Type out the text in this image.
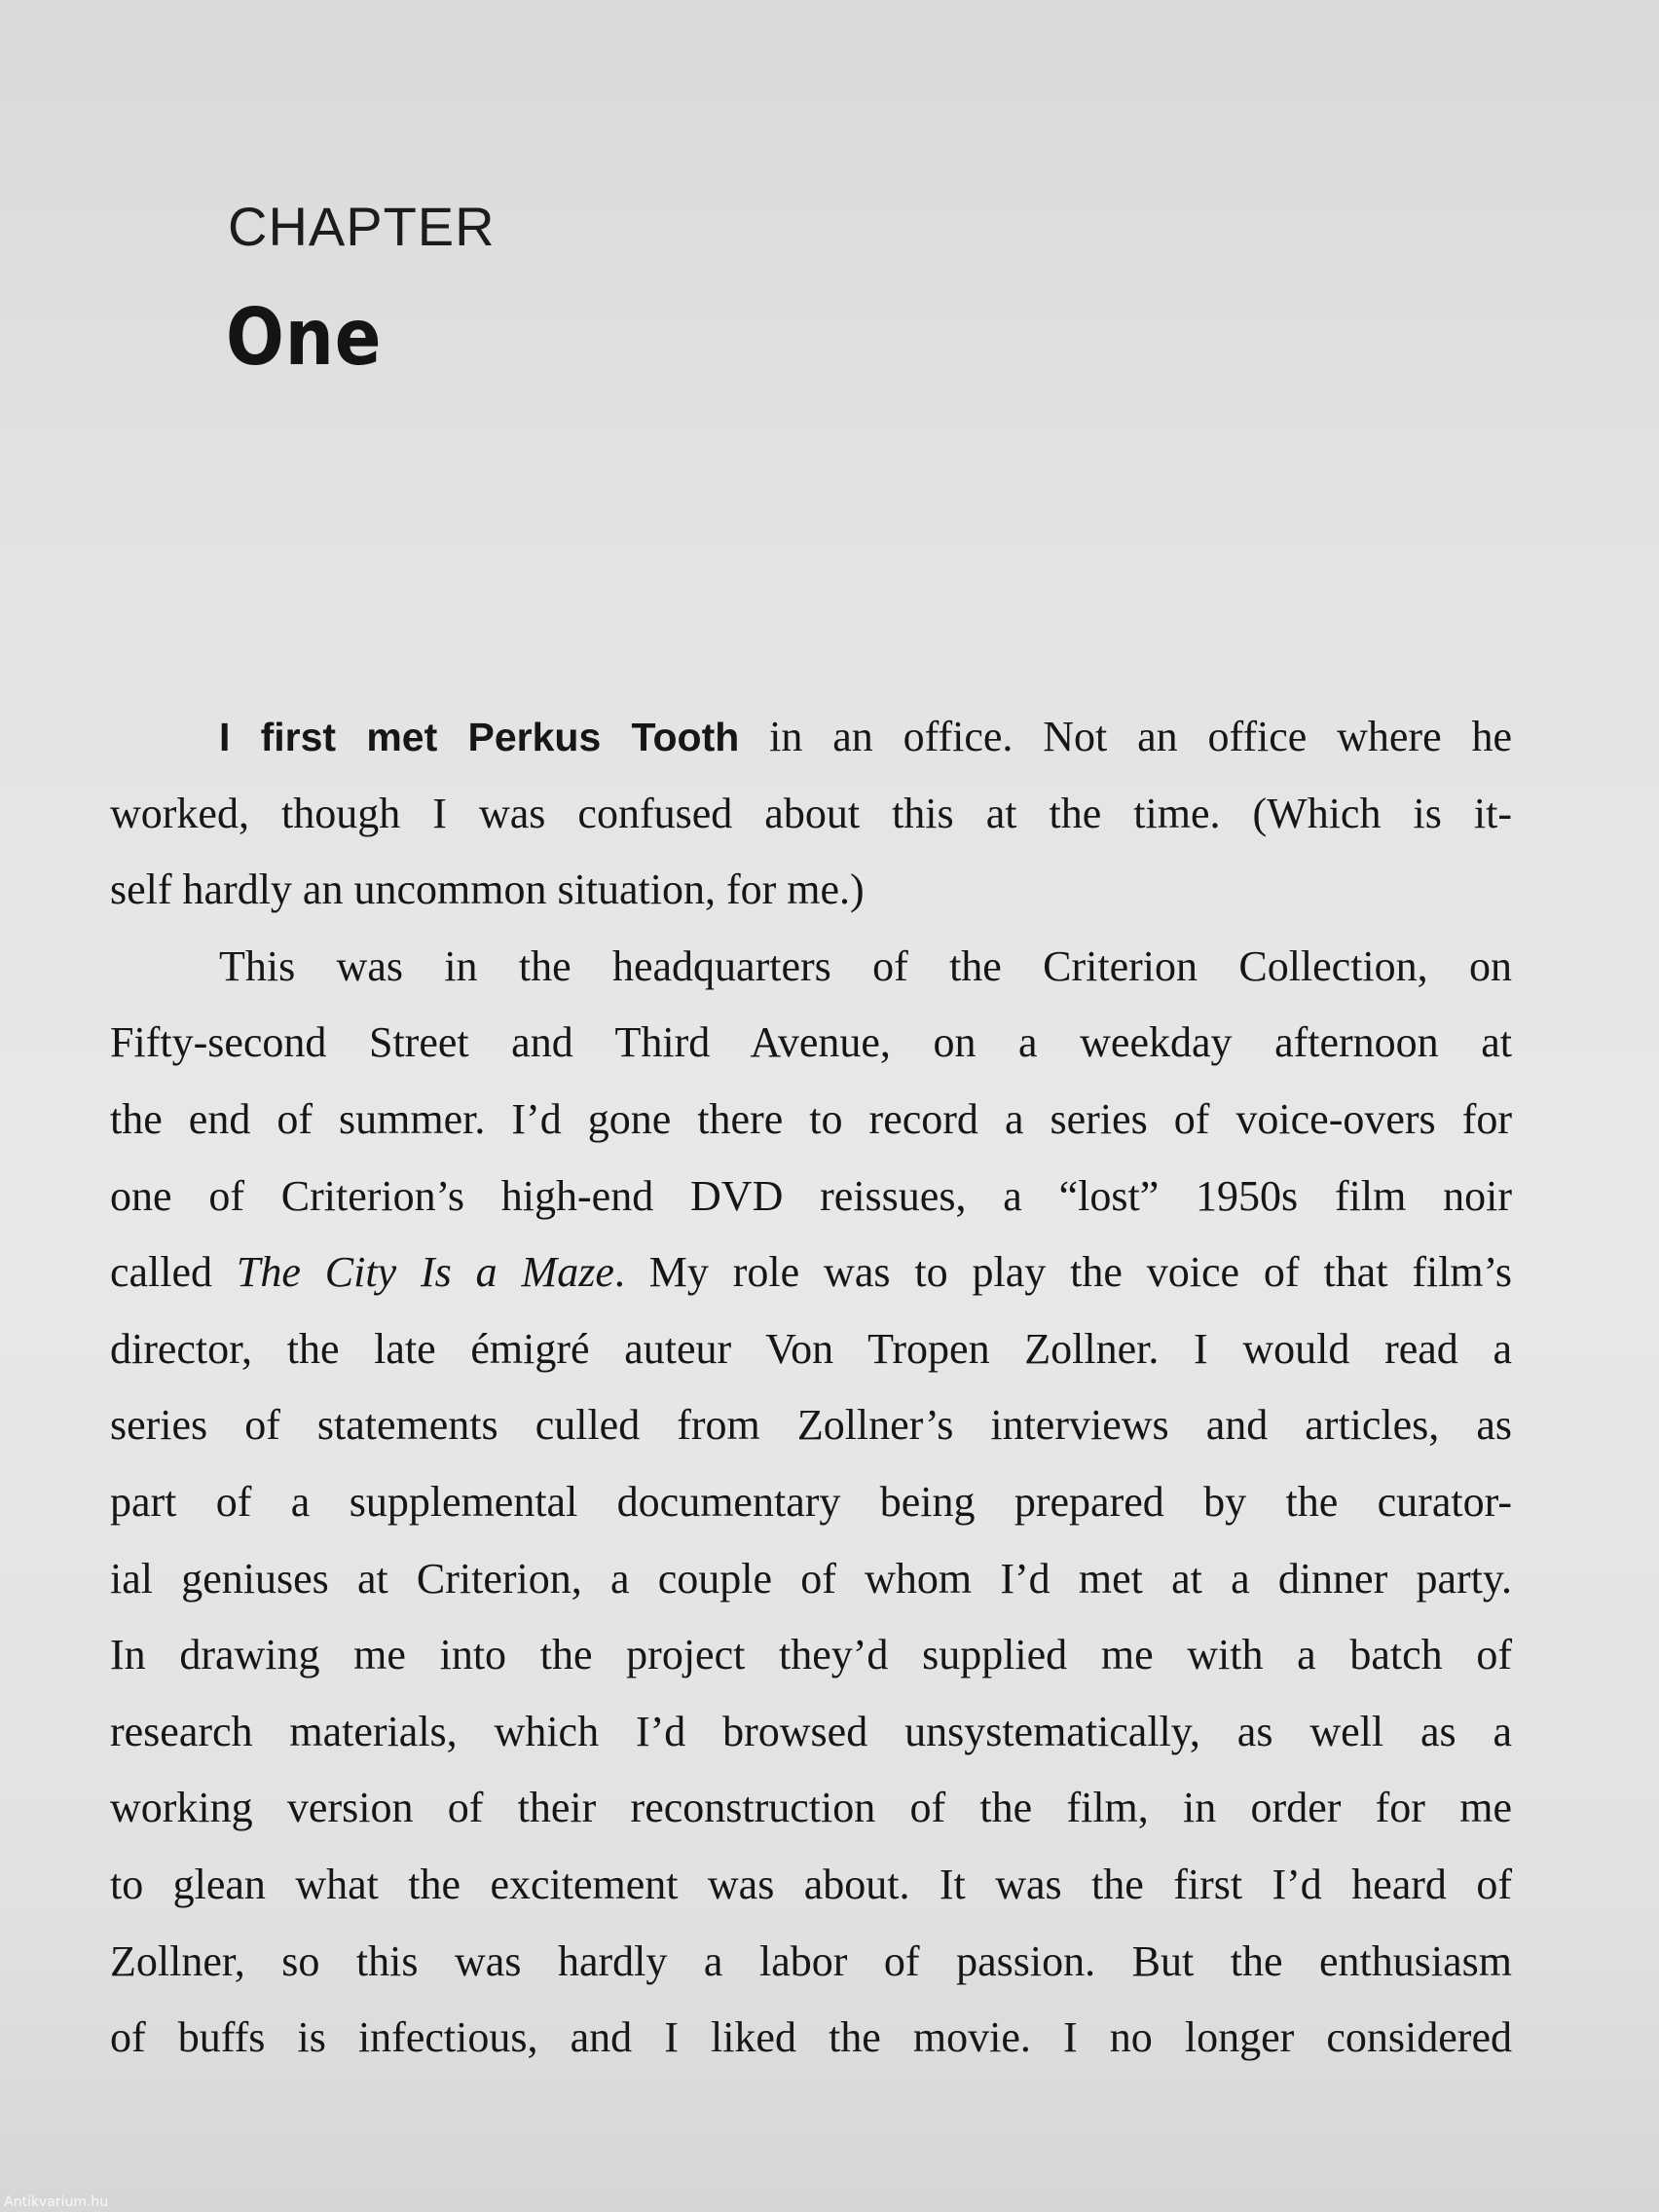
CHAPTER
One
I first met Perkus Tooth in an office. Not an office where he
worked, though I was confused about this at the time. (Which is it-
self hardly an uncommon situation, for me.)
This was in the headquarters of the Criterion Collection, on
Fifty-second Street and Third Avenue, on a weekday afternoon at
the end of summer. I’d gone there to record a series of voice-overs for
one of Criterion’s high-end DVD reissues, a “lost” 1950s film noir
called The City Is a Maze. My role was to play the voice of that film’s
director, the late émigré auteur Von Tropen Zollner. I would read a
series of statements culled from Zollner’s interviews and articles, as
part of a supplemental documentary being prepared by the curator-
ial geniuses at Criterion, a couple of whom I’d met at a dinner party.
In drawing me into the project they’d supplied me with a batch of
research materials, which I’d browsed unsystematically, as well as a
working version of their reconstruction of the film, in order for me
to glean what the excitement was about. It was the first I’d heard of
Zollner, so this was hardly a labor of passion. But the enthusiasm
of buffs is infectious, and I liked the movie. I no longer considered
Antikvarium.hu
